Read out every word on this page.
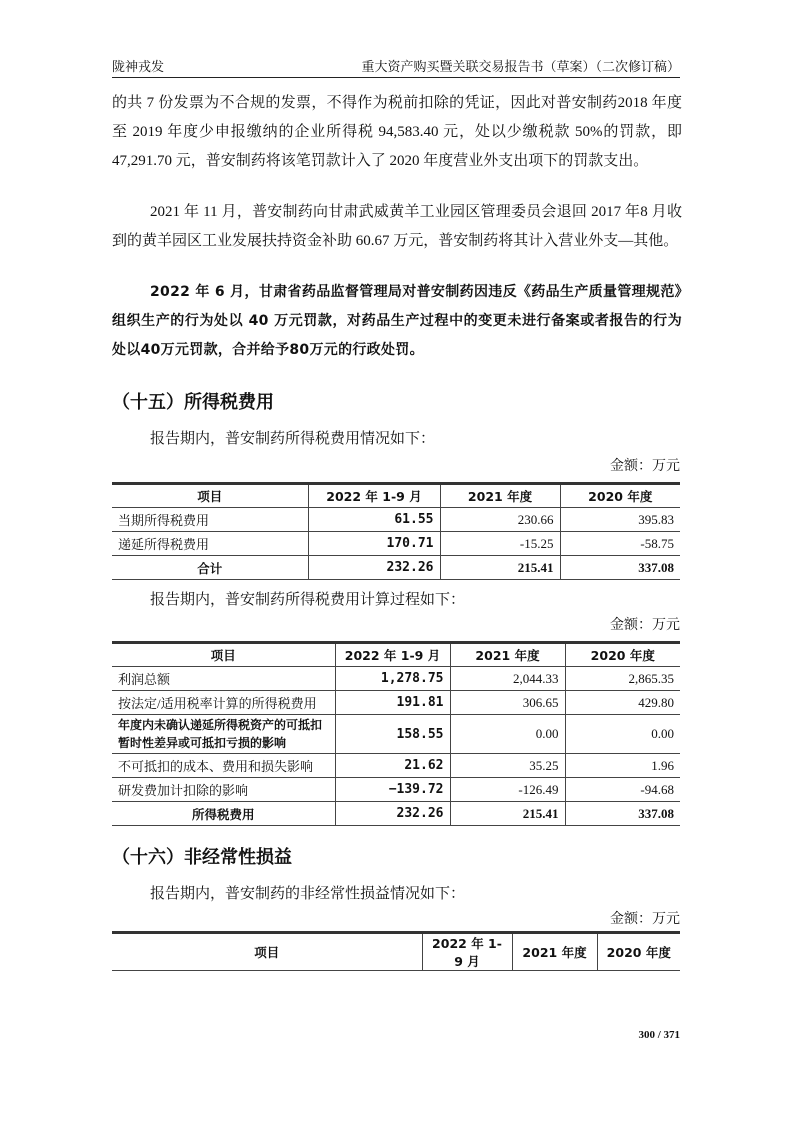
陇神戎发	重大资产购买暨关联交易报告书（草案）（二次修订稿）

的共 7 份发票为不合规的发票，不得作为税前扣除的凭证，因此对普安制药2018 年度至 2019 年度少申报缴纳的企业所得税 94,583.40 元，处以少缴税款 50%的罚款，即 47,291.70 元，普安制药将该笔罚款计入了 2020 年度营业外支出项下的罚款支出。

2021 年 11 月，普安制药向甘肃武威黄羊工业园区管理委员会退回 2017 年8 月收到的黄羊园区工业发展扶持资金补助 60.67 万元，普安制药将其计入营业外支—其他。

2022 年 6 月，甘肃省药品监督管理局对普安制药因违反《药品生产质量管理规范》组织生产的行为处以 40 万元罚款，对药品生产过程中的变更未进行备案或者报告的行为处以40万元罚款，合并给予80万元的行政处罚。

（十五）所得税费用

报告期内，普安制药所得税费用情况如下：

金额：万元
项目	2022 年 1-9 月	2021 年度	2020 年度
当期所得税费用	61.55	230.66	395.83
递延所得税费用	170.71	-15.25	-58.75
合计	232.26	215.41	337.08

报告期内，普安制药所得税费用计算过程如下：

金额：万元
项目	2022 年 1-9 月	2021 年度	2020 年度
利润总额	1,278.75	2,044.33	2,865.35
按法定/适用税率计算的所得税费用	191.81	306.65	429.80
年度内未确认递延所得税资产的可抵扣暂时性差异或可抵扣亏损的影响	158.55	0.00	0.00
不可抵扣的成本、费用和损失影响	21.62	35.25	1.96
研发费加计扣除的影响	−139.72	-126.49	-94.68
所得税费用	232.26	215.41	337.08
（十六）非经常性损益

报告期内，普安制药的非经常性损益情况如下：

金额：万元
项目	2022 年 1-9 月	2021 年度	2020 年度
300 / 371
